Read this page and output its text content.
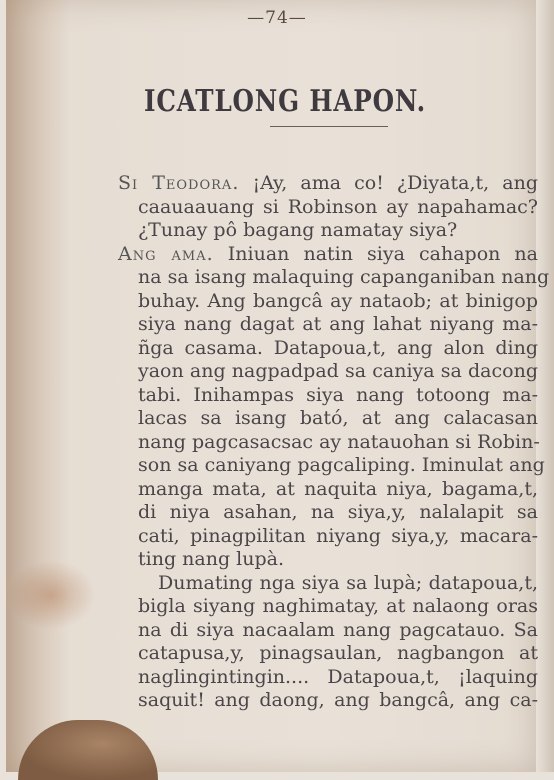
—74—
ICATLONG HAPON.
Si Teodora. ¡Ay, ama co! ¿Diyata,t, ang
caauaauang si Robinson ay napahamac?
¿Tunay pô bagang namatay siya?
Ang ama. Iniuan natin siya cahapon na
na sa isang malaquing capanganiban nang
buhay. Ang bangcâ ay nataob; at binigop
siya nang dagat at ang lahat niyang ma-
ñga casama. Datapoua,t, ang alon ding
yaon ang nagpadpad sa caniya sa dacong
tabi. Inihampas siya nang totoong ma-
lacas sa isang bató, at ang calacasan
nang pagcasacsac ay natauohan si Robin-
son sa caniyang pagcaliping. Iminulat ang
manga mata, at naquita niya, bagama,t,
di niya asahan, na siya,y, nalalapit sa
cati, pinagpilitan niyang siya,y, macara-
ting nang lupà.
Dumating nga siya sa lupà; datapoua,t,
bigla siyang naghimatay, at nalaong oras
na di siya nacaalam nang pagcatauo. Sa
catapusa,y, pinagsaulan, nagbangon at
naglingintingin.... Datapoua,t, ¡laquing
saquit! ang daong, ang bangcâ, ang ca-
